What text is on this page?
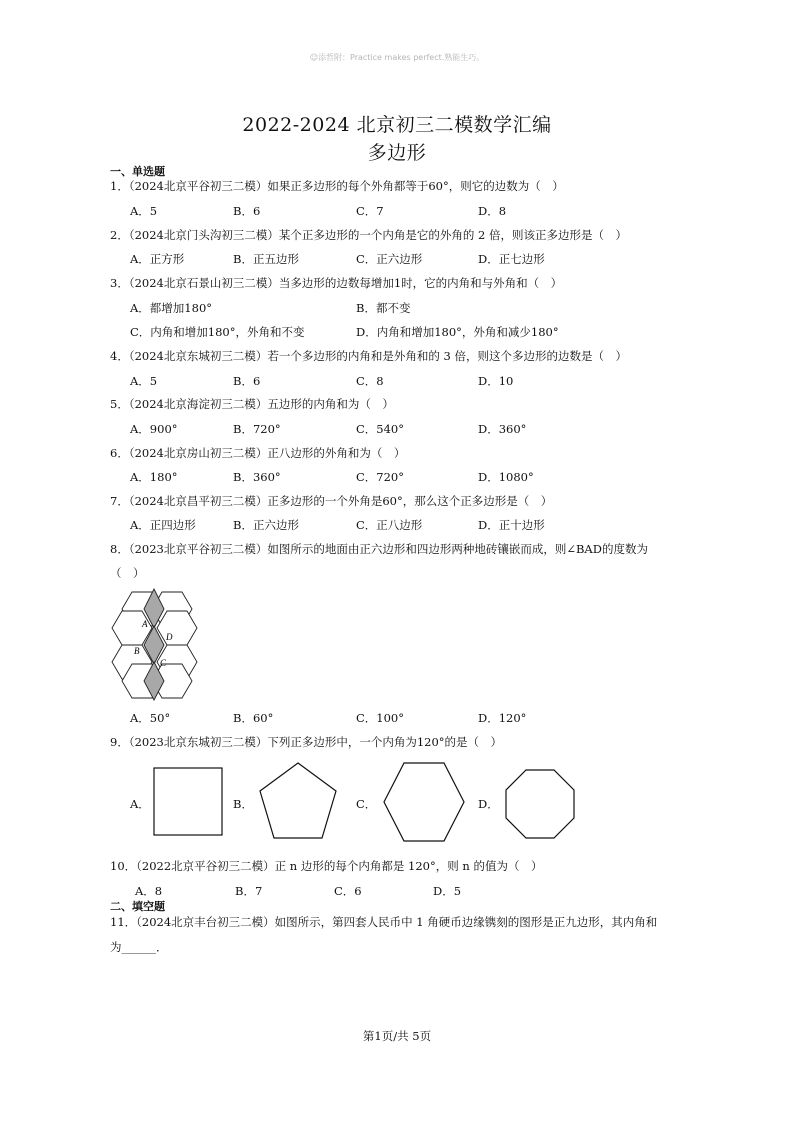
☺添哲附：Practice makes perfect.熟能生巧。
2022-2024 北京初三二模数学汇编
多边形
一、单选题
1．（2024北京平谷初三二模）如果正多边形的每个外角都等于60°，则它的边数为（　）
A．5	B．6	C．7	D．8
2．（2024北京门头沟初三二模）某个正多边形的一个内角是它的外角的 2 倍，则该正多边形是（　）
A．正方形	B．正五边形	C．正六边形	D．正七边形
3．（2024北京石景山初三二模）当多边形的边数每增加1时，它的内角和与外角和（　）
A．都增加180°	B．都不变
C．内角和增加180°，外角和不变	D．内角和增加180°，外角和减少180°
4．（2024北京东城初三二模）若一个多边形的内角和是外角和的 3 倍，则这个多边形的边数是（　）
A．5	B．6	C．8	D．10
5．（2024北京海淀初三二模）五边形的内角和为（　）
A．900°	B．720°	C．540°	D．360°
6．（2024北京房山初三二模）正八边形的外角和为（　）
A．180°	B．360°	C．720°	D．1080°
7．（2024北京昌平初三二模）正多边形的一个外角是60°，那么这个正多边形是（　）
A．正四边形	B．正六边形	C．正八边形	D．正十边形
8．（2023北京平谷初三二模）如图所示的地面由正六边形和四边形两种地砖镶嵌而成，则∠BAD的度数为
（　）
A
D
B
C
A．50°	B．60°	C．100°	D．120°
9．（2023北京东城初三二模）下列正多边形中，一个内角为120°的是（　）
A．	B．	C．	D．
10．（2022北京平谷初三二模）正 n 边形的每个内角都是 120°，则 n 的值为（　）
A．8	B．7	C．6	D．5
二、填空题
11．（2024北京丰台初三二模）如图所示，第四套人民币中 1 角硬币边缘镌刻的图形是正九边形，其内角和
为______．
第1页/共 5页
